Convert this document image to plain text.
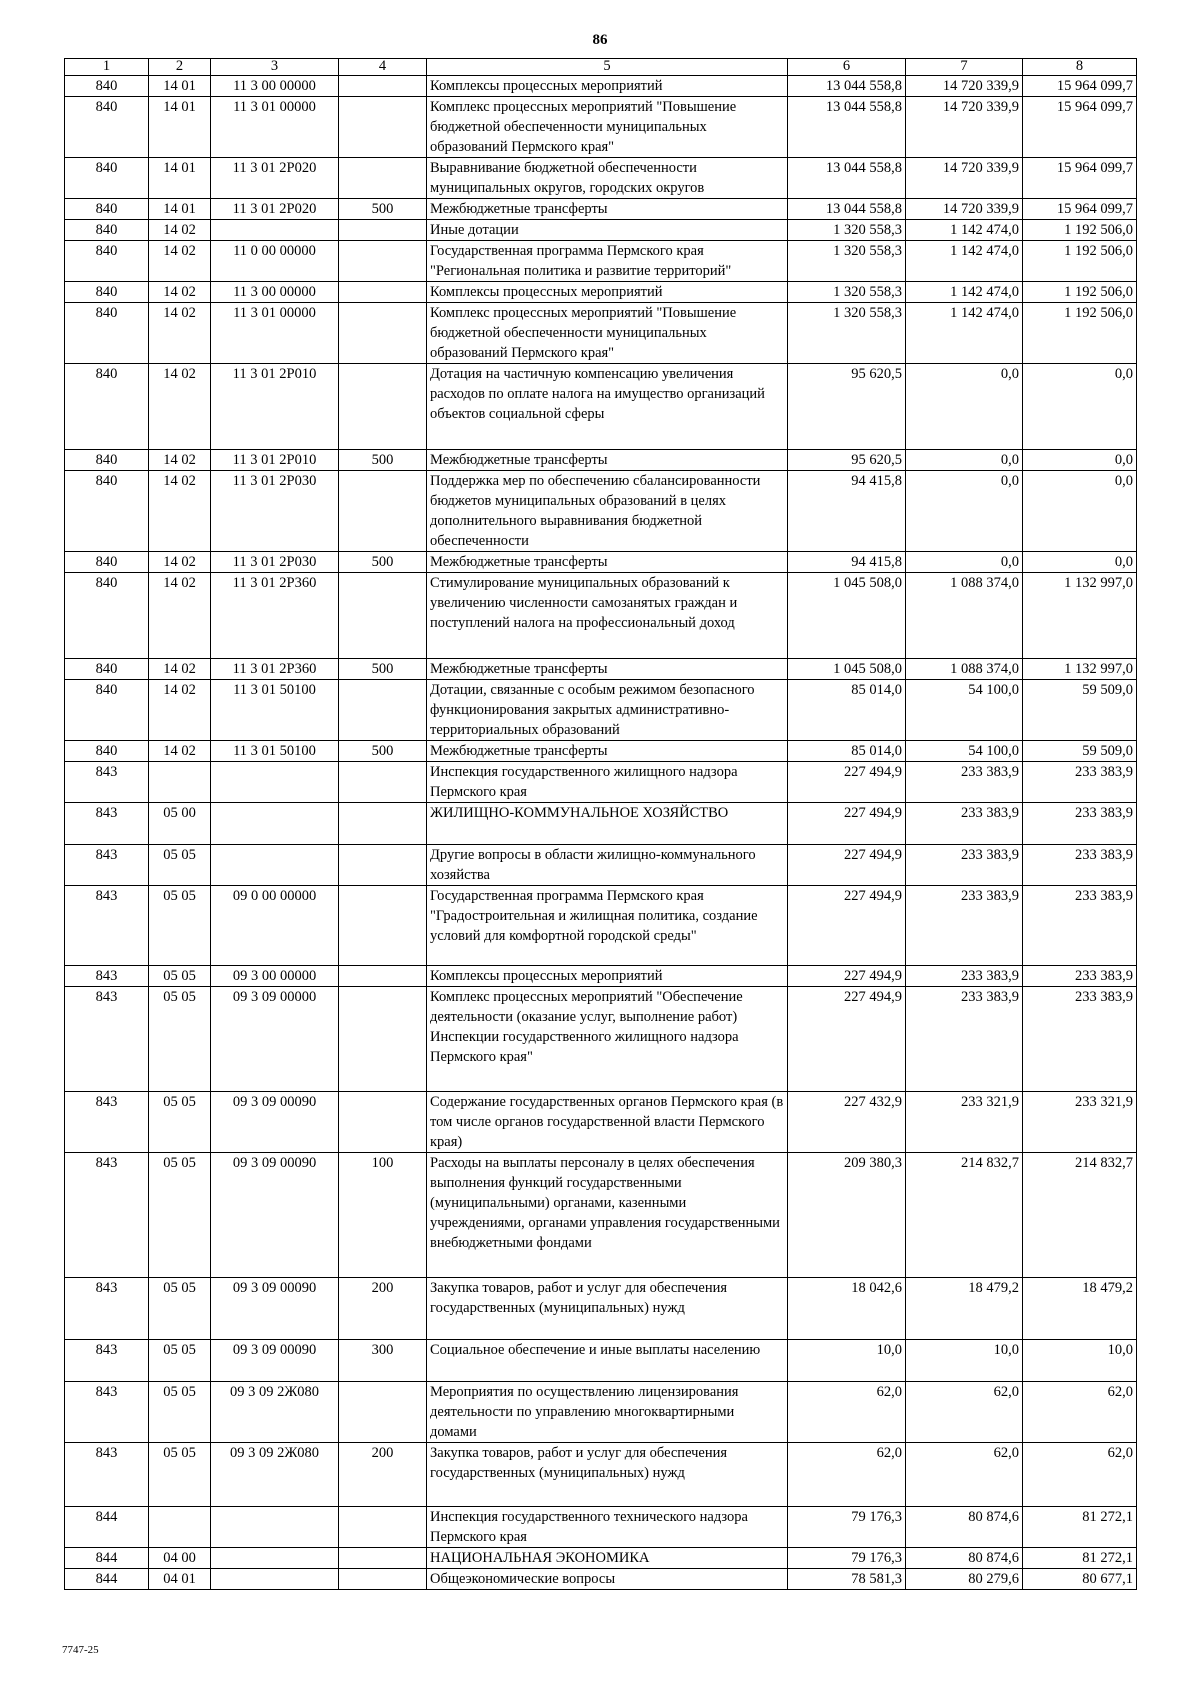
86
1	2	3	4	5	6	7	8
840	14 01	11 3 00 00000		Комплексы процессных мероприятий	13 044 558,8	14 720 339,9	15 964 099,7
840	14 01	11 3 01 00000		Комплекс процессных мероприятий "Повышение бюджетной обеспеченности муниципальных образований Пермского края"	13 044 558,8	14 720 339,9	15 964 099,7
840	14 01	11 3 01 2Р020		Выравнивание бюджетной обеспеченности муниципальных округов, городских округов	13 044 558,8	14 720 339,9	15 964 099,7
840	14 01	11 3 01 2Р020	500	Межбюджетные трансферты	13 044 558,8	14 720 339,9	15 964 099,7
840	14 02			Иные дотации	1 320 558,3	1 142 474,0	1 192 506,0
840	14 02	11 0 00 00000		Государственная программа Пермского края "Региональная политика и развитие территорий"	1 320 558,3	1 142 474,0	1 192 506,0
840	14 02	11 3 00 00000		Комплексы процессных мероприятий	1 320 558,3	1 142 474,0	1 192 506,0
840	14 02	11 3 01 00000		Комплекс процессных мероприятий "Повышение бюджетной обеспеченности муниципальных образований Пермского края"	1 320 558,3	1 142 474,0	1 192 506,0
840	14 02	11 3 01 2Р010		Дотация на частичную компенсацию увеличения расходов по оплате налога на имущество организаций объектов социальной сферы	95 620,5	0,0	0,0
840	14 02	11 3 01 2Р010	500	Межбюджетные трансферты	95 620,5	0,0	0,0
840	14 02	11 3 01 2Р030		Поддержка мер по обеспечению сбалансированности бюджетов муниципальных образований в целях дополнительного выравнивания бюджетной обеспеченности	94 415,8	0,0	0,0
840	14 02	11 3 01 2Р030	500	Межбюджетные трансферты	94 415,8	0,0	0,0
840	14 02	11 3 01 2Р360		Стимулирование муниципальных образований к увеличению численности самозанятых граждан и поступлений налога на профессиональный доход	1 045 508,0	1 088 374,0	1 132 997,0
840	14 02	11 3 01 2Р360	500	Межбюджетные трансферты	1 045 508,0	1 088 374,0	1 132 997,0
840	14 02	11 3 01 50100		Дотации, связанные с особым режимом безопасного функционирования закрытых административно-территориальных образований	85 014,0	54 100,0	59 509,0
840	14 02	11 3 01 50100	500	Межбюджетные трансферты	85 014,0	54 100,0	59 509,0
843				Инспекция государственного жилищного надзора Пермского края	227 494,9	233 383,9	233 383,9
843	05 00			ЖИЛИЩНО-КОММУНАЛЬНОЕ ХОЗЯЙСТВО	227 494,9	233 383,9	233 383,9
843	05 05			Другие вопросы в области жилищно-коммунального хозяйства	227 494,9	233 383,9	233 383,9
843	05 05	09 0 00 00000		Государственная программа Пермского края "Градостроительная и жилищная политика, создание условий для комфортной городской среды"	227 494,9	233 383,9	233 383,9
843	05 05	09 3 00 00000		Комплексы процессных мероприятий	227 494,9	233 383,9	233 383,9
843	05 05	09 3 09 00000		Комплекс процессных мероприятий "Обеспечение деятельности (оказание услуг, выполнение работ) Инспекции государственного жилищного надзора Пермского края"	227 494,9	233 383,9	233 383,9
843	05 05	09 3 09 00090		Содержание государственных органов Пермского края (в том числе органов государственной власти Пермского края)	227 432,9	233 321,9	233 321,9
843	05 05	09 3 09 00090	100	Расходы на выплаты персоналу в целях обеспечения выполнения функций государственными (муниципальными) органами, казенными учреждениями, органами управления государственными внебюджетными фондами	209 380,3	214 832,7	214 832,7
843	05 05	09 3 09 00090	200	Закупка товаров, работ и услуг для обеспечения государственных (муниципальных) нужд	18 042,6	18 479,2	18 479,2
843	05 05	09 3 09 00090	300	Социальное обеспечение и иные выплаты населению	10,0	10,0	10,0
843	05 05	09 3 09 2Ж080		Мероприятия по осуществлению лицензирования деятельности по управлению многоквартирными домами	62,0	62,0	62,0
843	05 05	09 3 09 2Ж080	200	Закупка товаров, работ и услуг для обеспечения государственных (муниципальных) нужд	62,0	62,0	62,0
844				Инспекция государственного технического надзора Пермского края	79 176,3	80 874,6	81 272,1
844	04 00			НАЦИОНАЛЬНАЯ ЭКОНОМИКА	79 176,3	80 874,6	81 272,1
844	04 01			Общеэкономические вопросы	78 581,3	80 279,6	80 677,1
7747-25
